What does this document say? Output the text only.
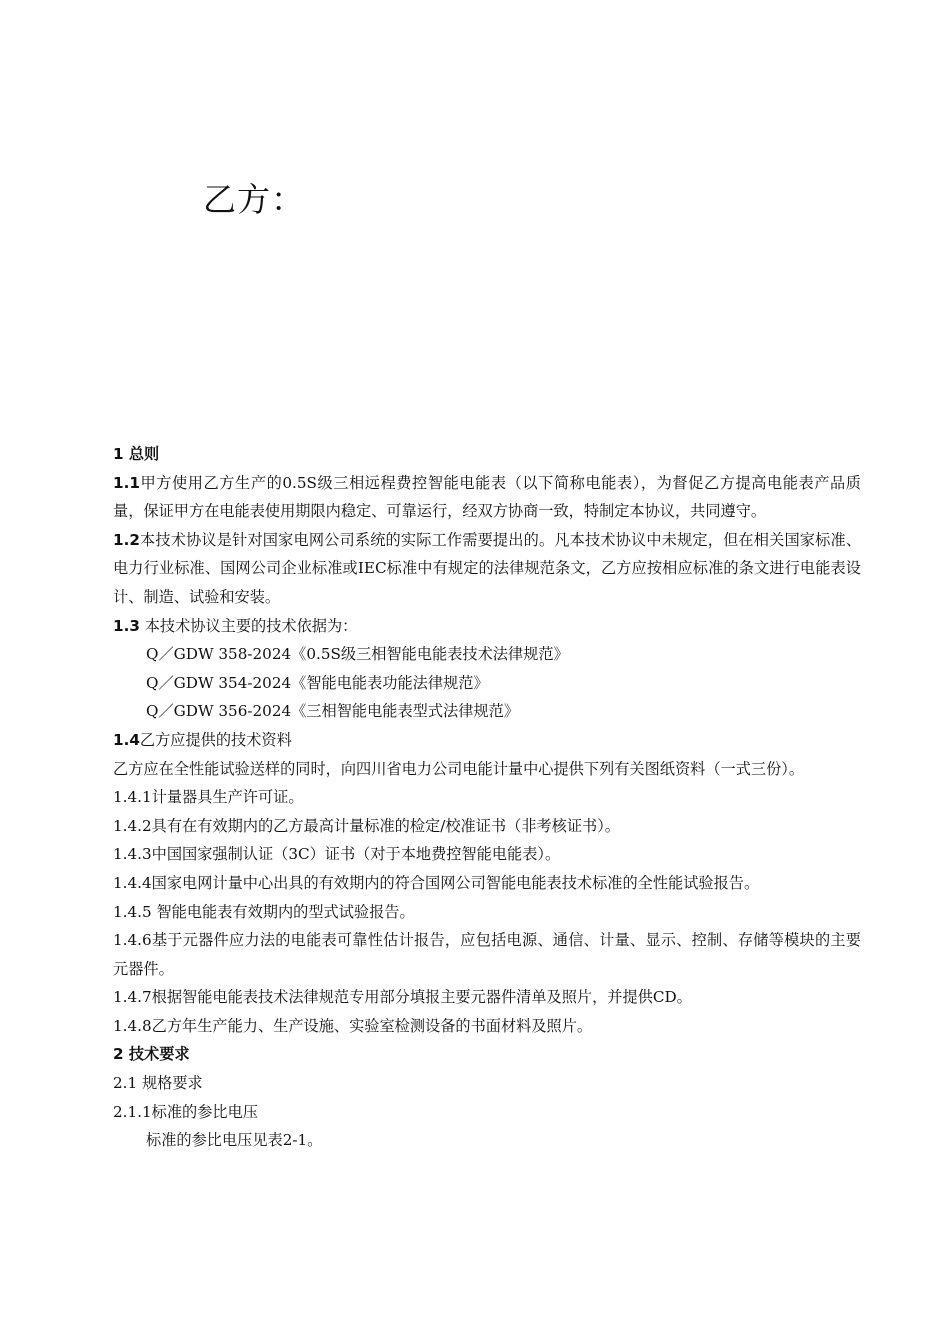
乙方：

1 总则

1.1甲方使用乙方生产的0.5S级三相远程费控智能电能表（以下简称电能表），为督促乙方提高电能表产品质量，保证甲方在电能表使用期限内稳定、可靠运行，经双方协商一致，特制定本协议，共同遵守。

1.2本技术协议是针对国家电网公司系统的实际工作需要提出的。凡本技术协议中未规定，但在相关国家标准、电力行业标准、国网公司企业标准或IEC标准中有规定的法律规范条文，乙方应按相应标准的条文进行电能表设计、制造、试验和安装。

1.3 本技术协议主要的技术依据为：

Q／GDW 358-2024《0.5S级三相智能电能表技术法律规范》

Q／GDW 354-2024《智能电能表功能法律规范》

Q／GDW 356-2024《三相智能电能表型式法律规范》

1.4乙方应提供的技术资料

乙方应在全性能试验送样的同时，向四川省电力公司电能计量中心提供下列有关图纸资料（一式三份）。

1.4.1计量器具生产许可证。

1.4.2具有在有效期内的乙方最高计量标准的检定/校准证书（非考核证书）。

1.4.3中国国家强制认证（3C）证书（对于本地费控智能电能表）。

1.4.4国家电网计量中心出具的有效期内的符合国网公司智能电能表技术标准的全性能试验报告。

1.4.5 智能电能表有效期内的型式试验报告。

1.4.6基于元器件应力法的电能表可靠性估计报告，应包括电源、通信、计量、显示、控制、存储等模块的主要元器件。

1.4.7根据智能电能表技术法律规范专用部分填报主要元器件清单及照片，并提供CD。

1.4.8乙方年生产能力、生产设施、实验室检测设备的书面材料及照片。

2 技术要求

2.1 规格要求

2.1.1标准的参比电压

标准的参比电压见表2-1。
